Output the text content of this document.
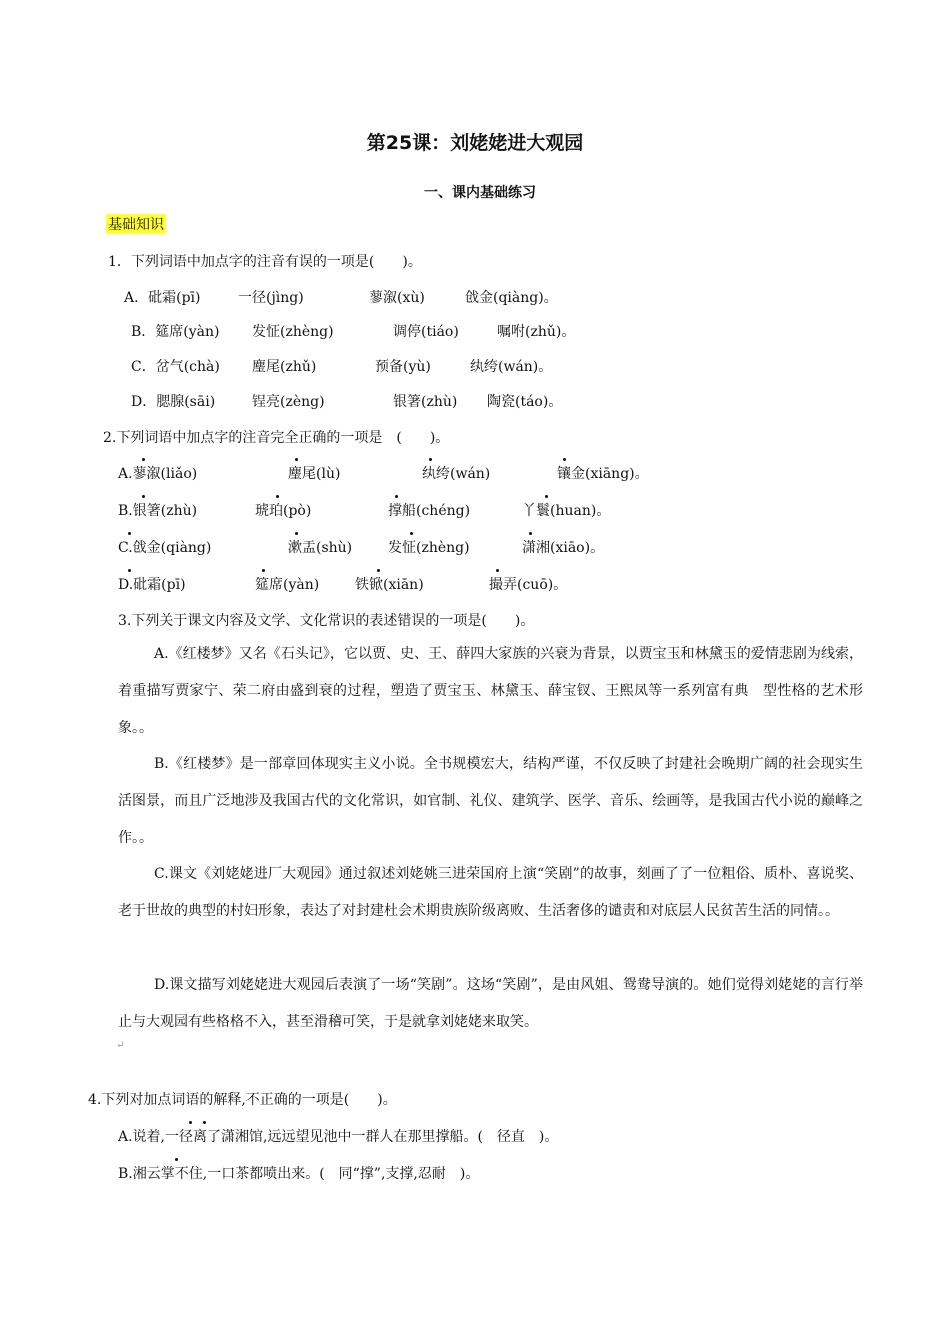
第25课：刘姥姥进大观园
一、课内基础练习
基础知识
1．下列词语中加点字的注音有误的一项是(　　)。
A．砒霜(pī)	一径(jìng)	蓼溆(xù)	戗金(qiàng)。
B．筵席(yàn) 发怔(zhèng)	调停(tiáo)	嘱咐(zhǔ)。
C．岔气(chà) 麈尾(zhǔ)	预备(yù)	纨绔(wán)。
D．腮腺(sāi)	锃亮(zèng)	银箸(zhù) 陶瓷(táo)。
2.下列词语中加点字的注音完全正确的一项是　(　　)。
A.蓼溆(liǎo)	麈尾(lù)	纨绔(wán)	镶金(xiāng)。
B.银箸(zhù)	琥珀(pò)	撑船(chéng)	丫鬟(huan)。
C.戗金(qiàng)	漱盂(shù)	发怔(zhèng)	潇湘(xiāo)。
D.砒霜(pī)	筵席(yàn)	铁锨(xiān)	撮弄(cuō)。
3.下列关于课文内容及文学、文化常识的表述错误的一项是(　　)。
A.《红楼梦》又名《石头记》，它以贾、史、王、薛四大家族的兴衰为背景，以贾宝玉和林黛玉的爱情悲剧为线索，着重描写贾家宁、荣二府由盛到衰的过程，塑造了贾宝玉、林黛玉、薛宝钗、王熙凤等一系列富有典　型性格的艺术形象。。
B.《红楼梦》是一部章回体现实主义小说。全书规模宏大，结构严谨，不仅反映了封建社会晚期广阔的社会现实生活图景，而且广泛地涉及我国古代的文化常识，如官制、礼仪、建筑学、医学、音乐、绘画等，是我国古代小说的巅峰之作。。
C.课文《刘姥姥进厂大观园》通过叙述刘姥姚三进荣国府上演“笑剧”的故事，刻画了了一位粗俗、质朴、喜说奖、老于世故的典型的村妇形象，表达了对封建杜会术期贵族阶级离败、生活奢侈的谴责和对底层人民贫苦生活的同情。。
D.课文描写刘姥姥进大观园后表演了一场“笑剧”。这场“笑剧”，是由风姐、鸳鸯导演的。她们觉得刘姥姥的言行举止与大观园有些格格不入，甚至滑稽可笑，于是就拿刘姥姥来取笑。
↵
4.下列对加点词语的解释,不正确的一项是(　　)。
A.说着,一径离了潇湘馆,远远望见池中一群人在那里撑船。(　径直　)。
B.湘云掌不住,一口茶都喷出来。(　同“撑”,支撑,忍耐　)。
